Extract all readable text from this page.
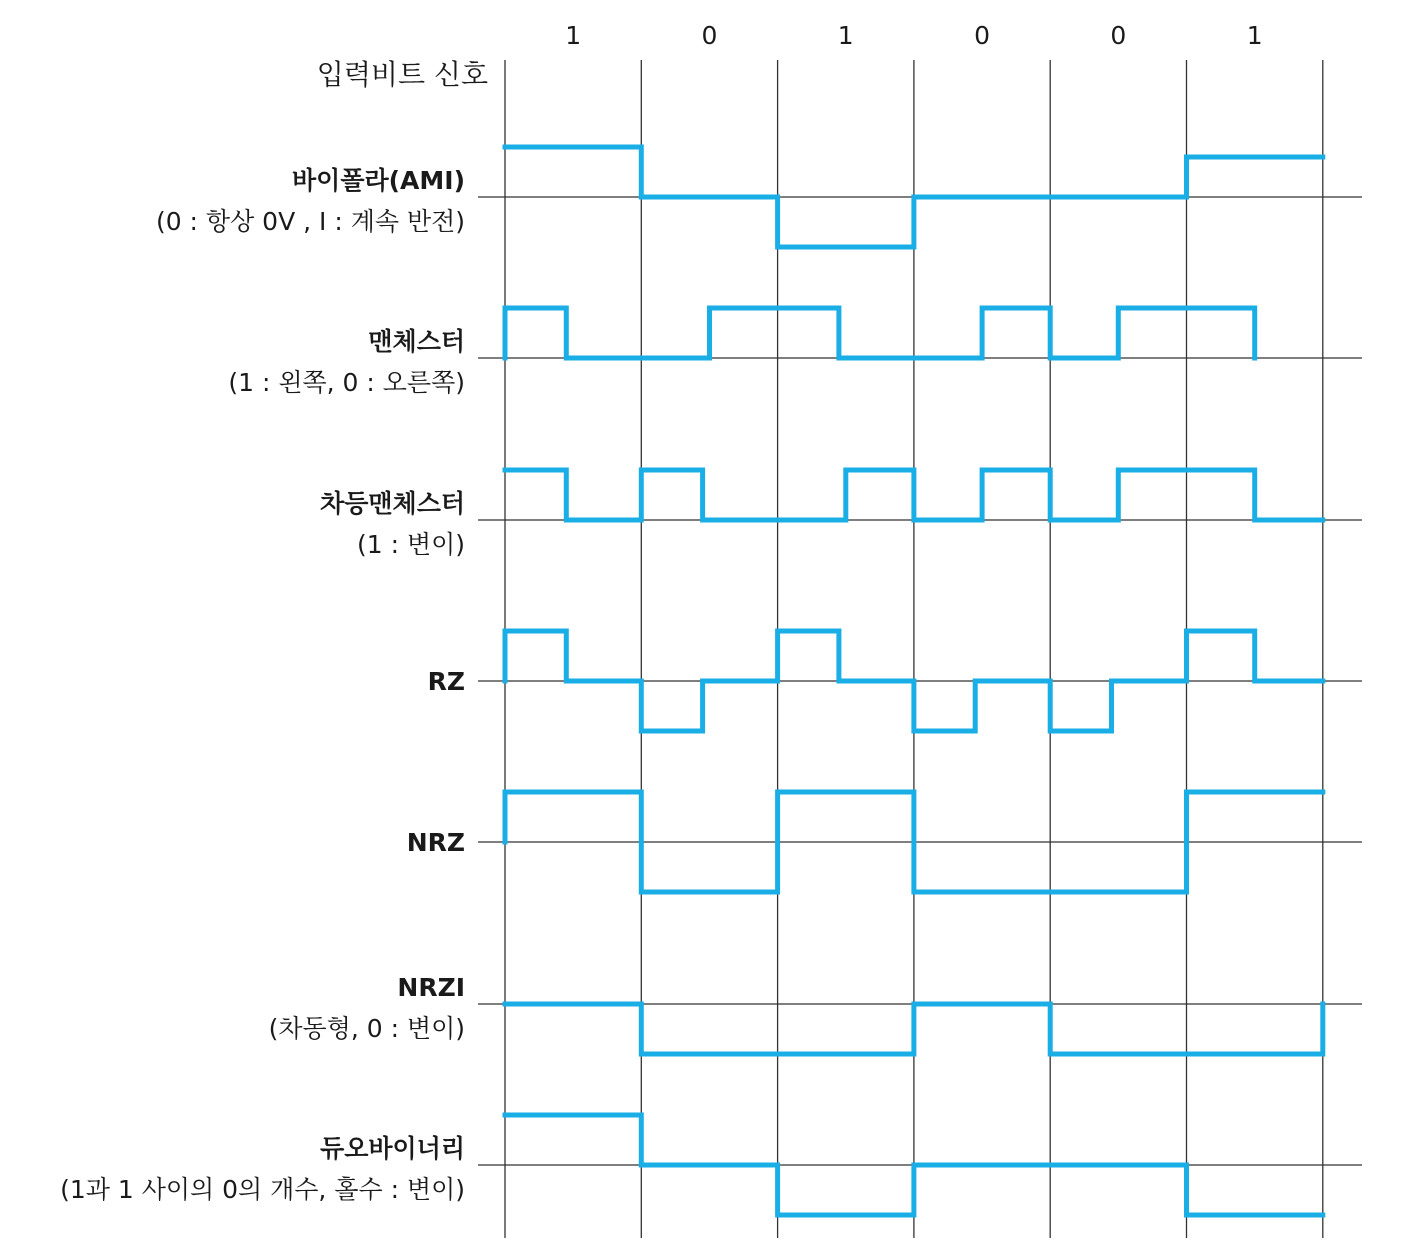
입력비트 신호
1	0	1	0	0	1
바이폴라(AMI)
(0 : 항상 0V , I : 계속 반전)
맨체스터
(1 : 왼쪽, 0 : 오른쪽)
차등맨체스터
(1 : 변이)
RZ
NRZ
NRZI
(차동형, 0 : 변이)
듀오바이너리
(1과 1 사이의 0의 개수, 홀수 : 변이)
